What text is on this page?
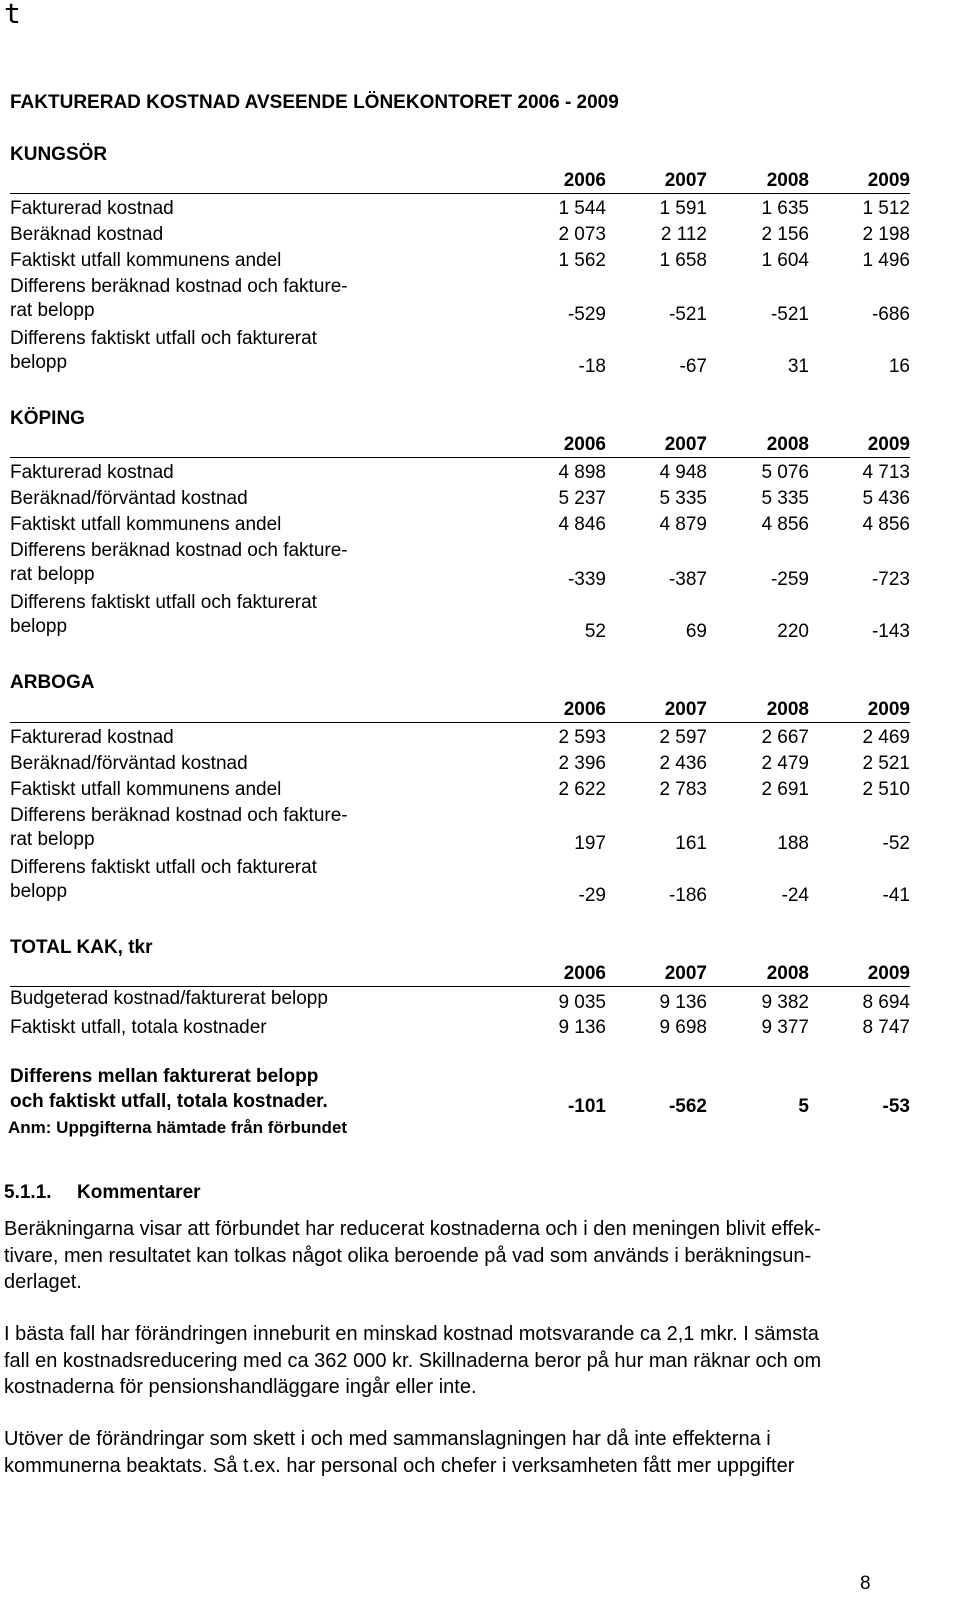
t
FAKTURERAD KOSTNAD AVSEENDE LÖNEKONTORET 2006 - 2009
KUNGSÖR
2006	2007	2008	2009
Fakturerad kostnad	1 544	1 591	1 635	1 512
Beräknad kostnad	2 073	2 112	2 156	2 198
Faktiskt utfall kommunens andel	1 562	1 658	1 604	1 496
Differens beräknad kostnad och fakture-
rat belopp	-529	-521	-521	-686
Differens faktiskt utfall och fakturerat
belopp	-18	-67	31	16
KÖPING
2006	2007	2008	2009
Fakturerad kostnad	4 898	4 948	5 076	4 713
Beräknad/förväntad kostnad	5 237	5 335	5 335	5 436
Faktiskt utfall kommunens andel	4 846	4 879	4 856	4 856
Differens beräknad kostnad och fakture-
rat belopp	-339	-387	-259	-723
Differens faktiskt utfall och fakturerat
belopp	52	69	220	-143
ARBOGA
2006	2007	2008	2009
Fakturerad kostnad	2 593	2 597	2 667	2 469
Beräknad/förväntad kostnad	2 396	2 436	2 479	2 521
Faktiskt utfall kommunens andel	2 622	2 783	2 691	2 510
Differens beräknad kostnad och fakture-
rat belopp	197	161	188	-52
Differens faktiskt utfall och fakturerat
belopp	-29	-186	-24	-41
TOTAL KAK, tkr
2006	2007	2008	2009
Budgeterad kostnad/fakturerat belopp	9 035	9 136	9 382	8 694
Faktiskt utfall, totala kostnader	9 136	9 698	9 377	8 747
Differens mellan fakturerat belopp
och faktiskt utfall, totala kostnader.
Anm: Uppgifterna hämtade från förbundet
-101	-562	5	-53
5.1.1. Kommentarer
Beräkningarna visar att förbundet har reducerat kostnaderna och i den meningen blivit effek-
tivare, men resultatet kan tolkas något olika beroende på vad som används i beräkningsun-
derlaget.
I bästa fall har förändringen inneburit en minskad kostnad motsvarande ca 2,1 mkr. I sämsta
fall en kostnadsreducering med ca 362 000 kr. Skillnaderna beror på hur man räknar och om
kostnaderna för pensionshandläggare ingår eller inte.
Utöver de förändringar som skett i och med sammanslagningen har då inte effekterna i
kommunerna beaktats. Så t.ex. har personal och chefer i verksamheten fått mer uppgifter
8
